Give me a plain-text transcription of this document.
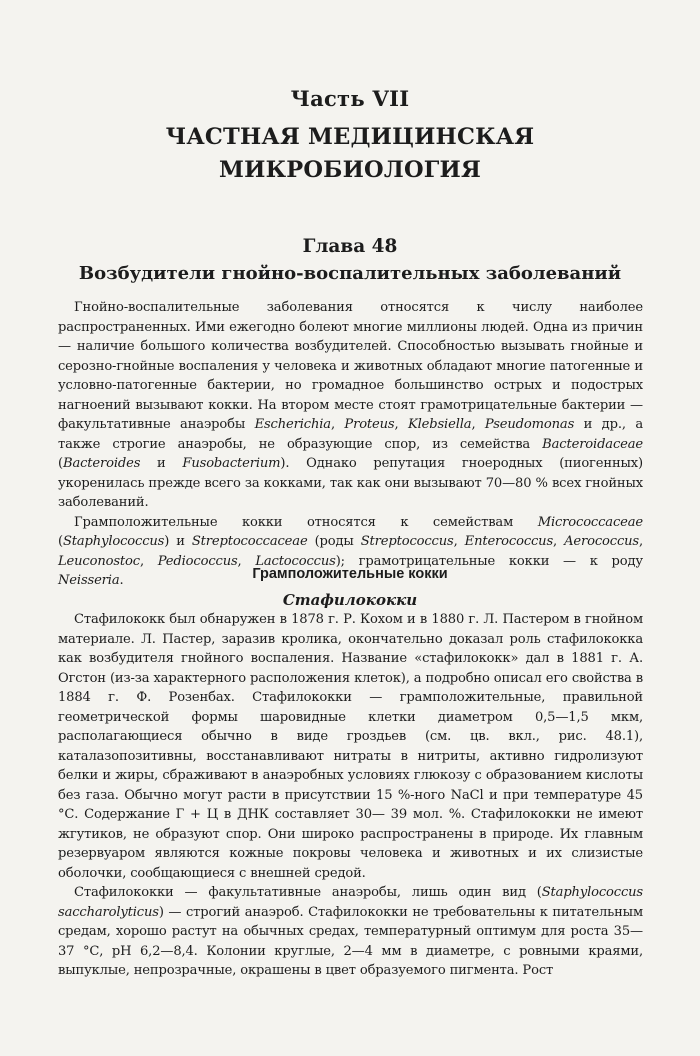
Часть VII
ЧАСТНАЯ МЕДИЦИНСКАЯ
МИКРОБИОЛОГИЯ
Глава 48
Возбудители гнойно-воспалительных заболеваний

Гнойно-воспалительные заболевания относятся к числу наиболее распространенных. Ими ежегодно болеют многие миллионы людей. Одна из причин — наличие большого количества возбудителей. Способностью вызывать гнойные и серозно-гнойные воспаления у человека и животных обладают многие патогенные и условно-патогенные бактерии, но громадное большинство острых и подострых нагноений вызывают кокки. На втором месте стоят грамотрицательные бактерии — факультативные анаэробы Escherichia, Proteus, Klebsiella, Pseudomonas и др., а также строгие анаэробы, не образующие спор, из семейства Bacteroidaceae (Bacteroides и Fusobacterium). Однако репутация гноеродных (пиогенных) укоренилась прежде всего за кокками, так как они вызывают 70—80 % всех гнойных заболеваний.

Грамположительные кокки относятся к семействам Micrococcaceae (Staphylococcus) и Streptococcaceae (роды Streptococcus, Enterococcus, Aerococcus, Leuconostoc, Pediococcus, Lactococcus); грамотрицательные кокки — к роду Neisseria.	Грамположительные кокки
Стафилококки

Стафилококк был обнаружен в 1878 г. Р. Кохом и в 1880 г. Л. Пастером в гнойном материале. Л. Пастер, заразив кролика, окончательно доказал роль стафилококка как возбудителя гнойного воспаления. Название «стафилококк» дал в 1881 г. А. Огстон (из-за характерного расположения клеток), а подробно описал его свойства в 1884 г. Ф. Розенбах. Стафилококки — грамположительные, правильной геометрической формы шаровидные клетки диаметром 0,5—1,5 мкм, располагающиеся обычно в виде гроздьев (см. цв. вкл., рис. 48.1), каталазопозитивны, восстанавливают нитраты в нитриты, активно гидролизуют белки и жиры, сбраживают в анаэробных условиях глюкозу с образованием кислоты без газа. Обычно могут расти в присутствии 15 %-ного NaCl и при температуре 45 °С. Содержание Г + Ц в ДНК составляет 30— 39 мол. %. Стафилококки не имеют жгутиков, не образуют спор. Они широко распространены в природе. Их главным резервуаром являются кожные покровы человека и животных и их слизистые оболочки, сообщающиеся с внешней средой.

Стафилококки — факультативные анаэробы, лишь один вид (Staphylococcus saccharolyticus) — строгий анаэроб. Стафилококки не требовательны к питательным средам, хорошо растут на обычных средах, температурный оптимум для роста 35—37 °С, рН 6,2—8,4. Колонии круглые, 2—4 мм в диаметре, с ровными краями, выпуклые, непрозрачные, окрашены в цвет образуемого пигмента. Рост
